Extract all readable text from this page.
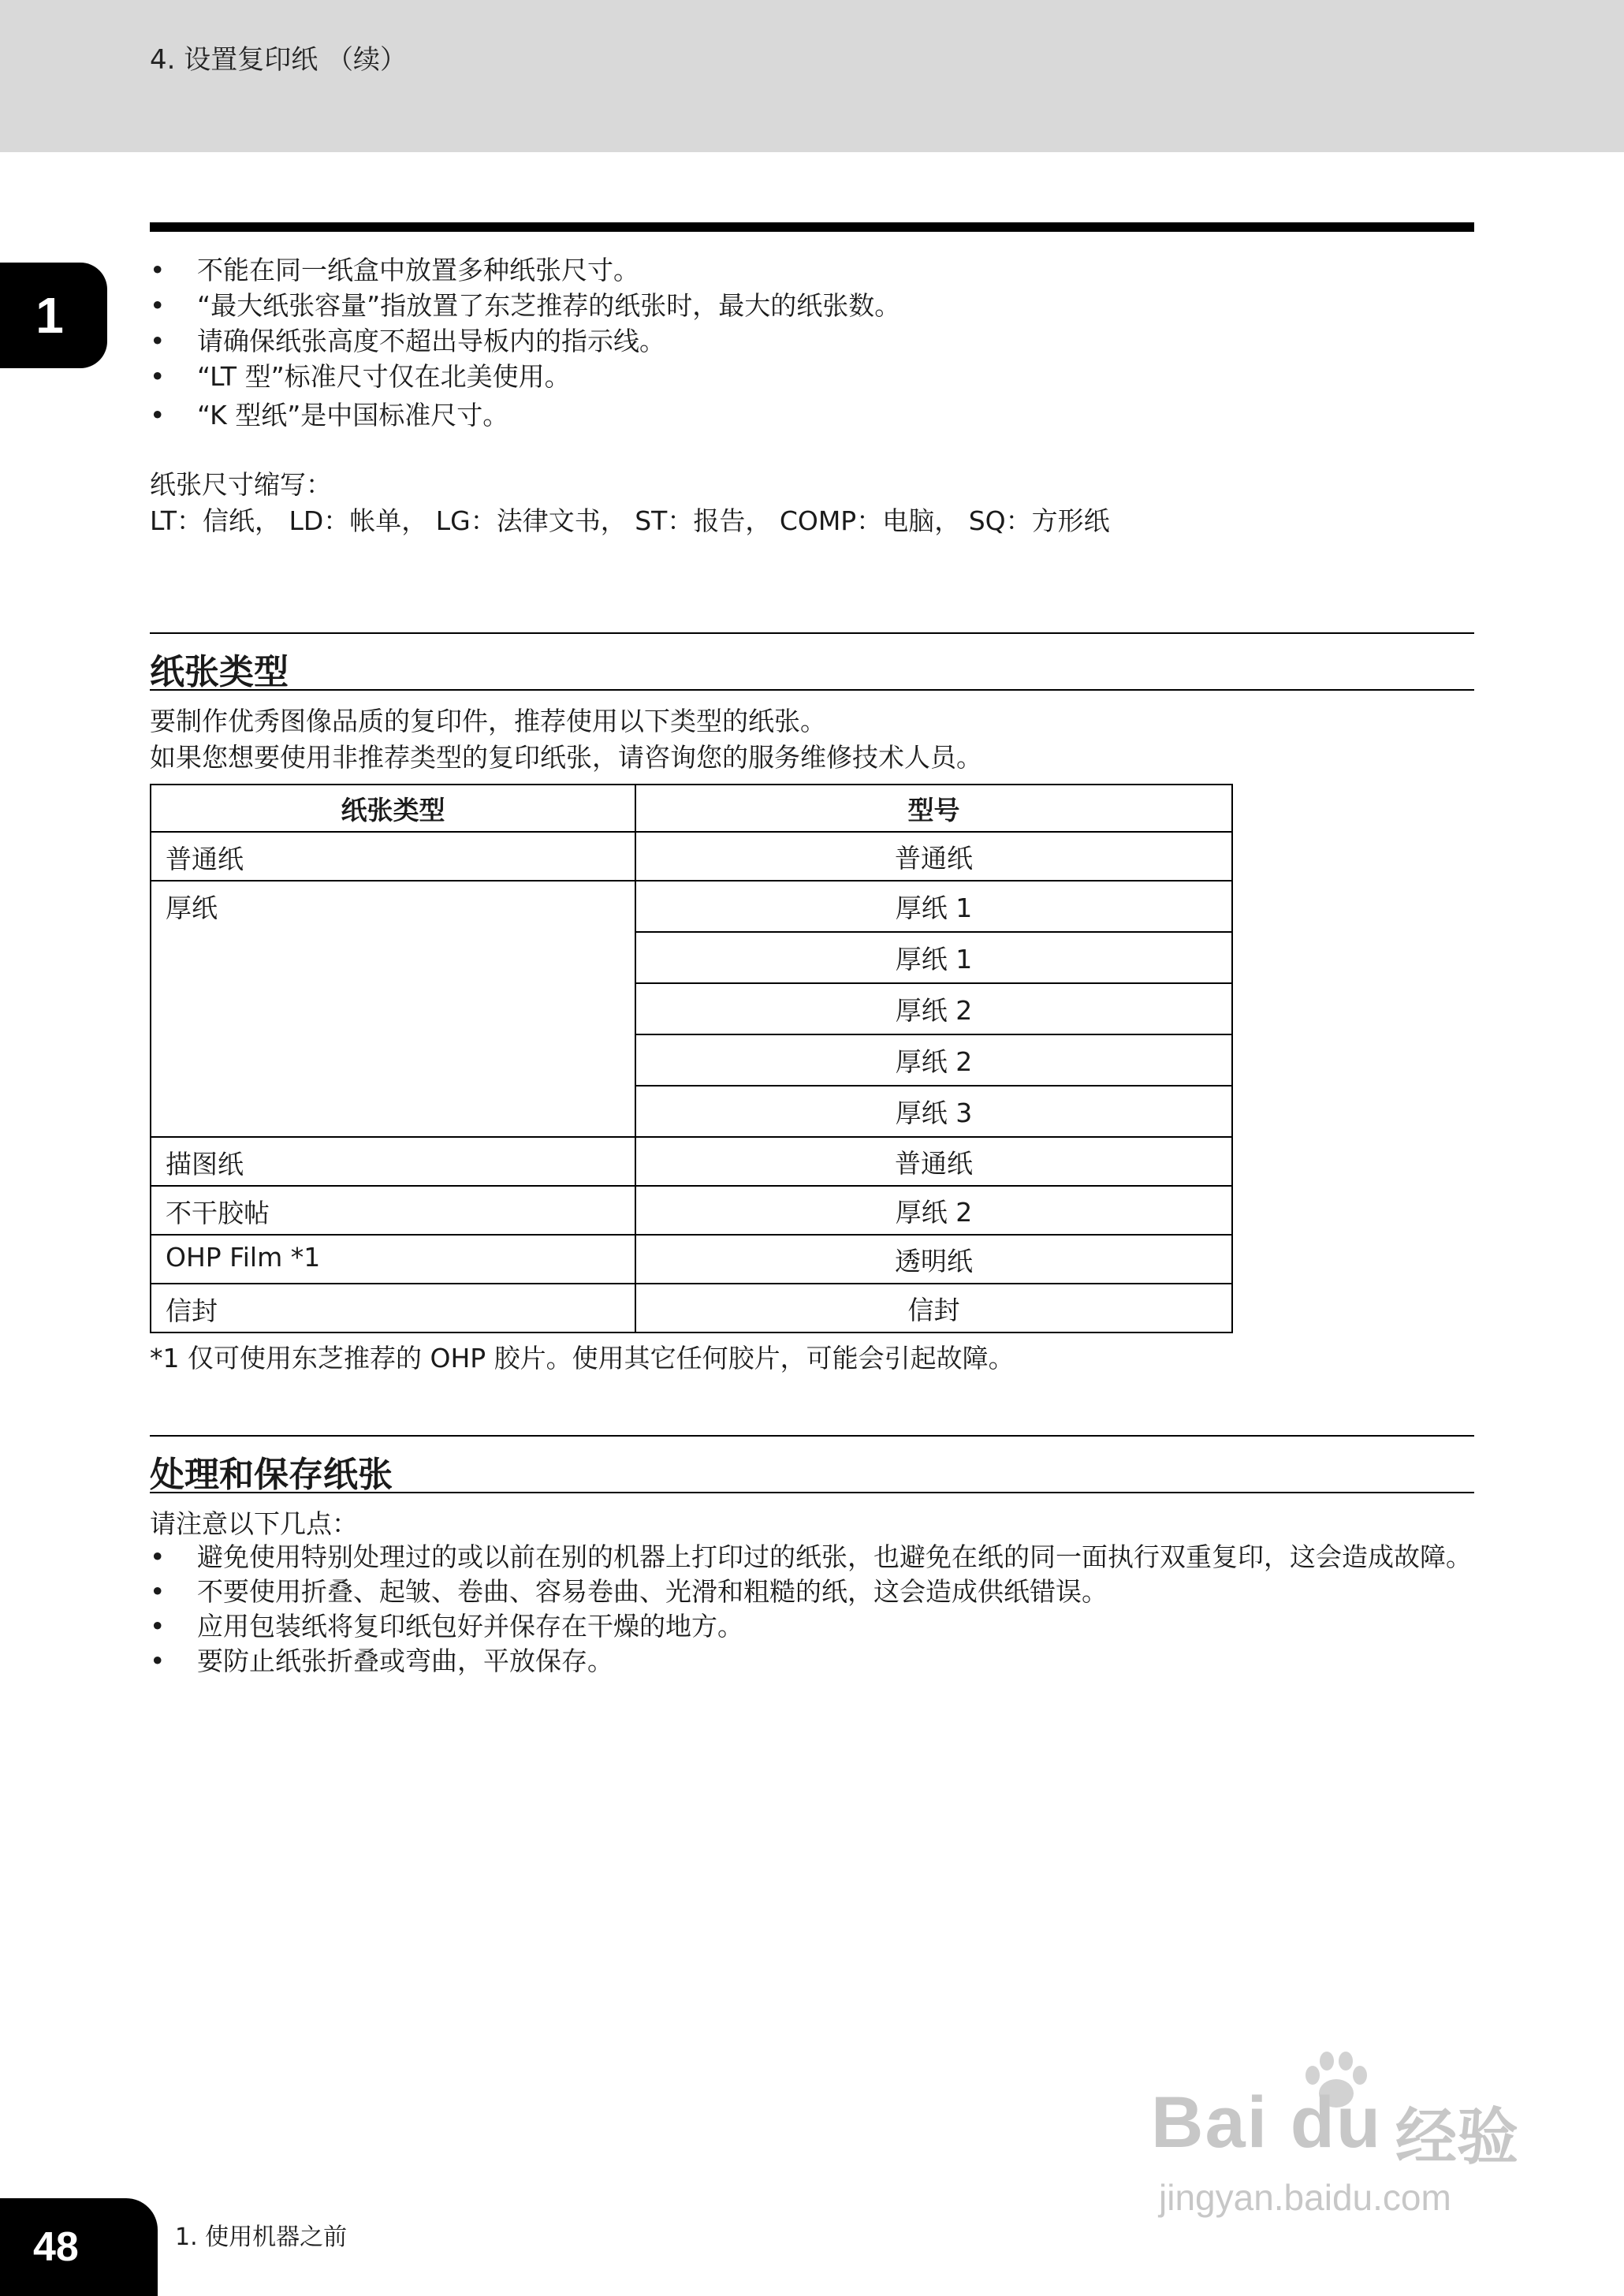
4. 设置复印纸 （续）
1
• 不能在同一纸盒中放置多种纸张尺寸。
• “最大纸张容量”指放置了东芝推荐的纸张时，最大的纸张数。
• 请确保纸张高度不超出导板内的指示线。
• “LT 型”标准尺寸仅在北美使用。
• “K 型纸”是中国标准尺寸。
纸张尺寸缩写：
LT：信纸， LD：帐单， LG：法律文书， ST：报告， COMP：电脑， SQ：方形纸
纸张类型
要制作优秀图像品质的复印件，推荐使用以下类型的纸张。
如果您想要使用非推荐类型的复印纸张，请咨询您的服务维修技术人员。
纸张类型	型号
普通纸	普通纸
厚纸	厚纸 1
	厚纸 1
	厚纸 2
	厚纸 2
	厚纸 3
描图纸	普通纸
不干胶帖	厚纸 2
OHP Film *1	透明纸
信封	信封
*1 仅可使用东芝推荐的 OHP 胶片。使用其它任何胶片，可能会引起故障。
处理和保存纸张
请注意以下几点：
• 避免使用特别处理过的或以前在别的机器上打印过的纸张，也避免在纸的同一面执行双重复印，这会造成故障。
• 不要使用折叠、起皱、卷曲、容易卷曲、光滑和粗糙的纸，这会造成供纸错误。
• 应用包装纸将复印纸包好并保存在干燥的地方。
• 要防止纸张折叠或弯曲，平放保存。
Bai du 经验
jingyan.baidu.com
48	1. 使用机器之前
